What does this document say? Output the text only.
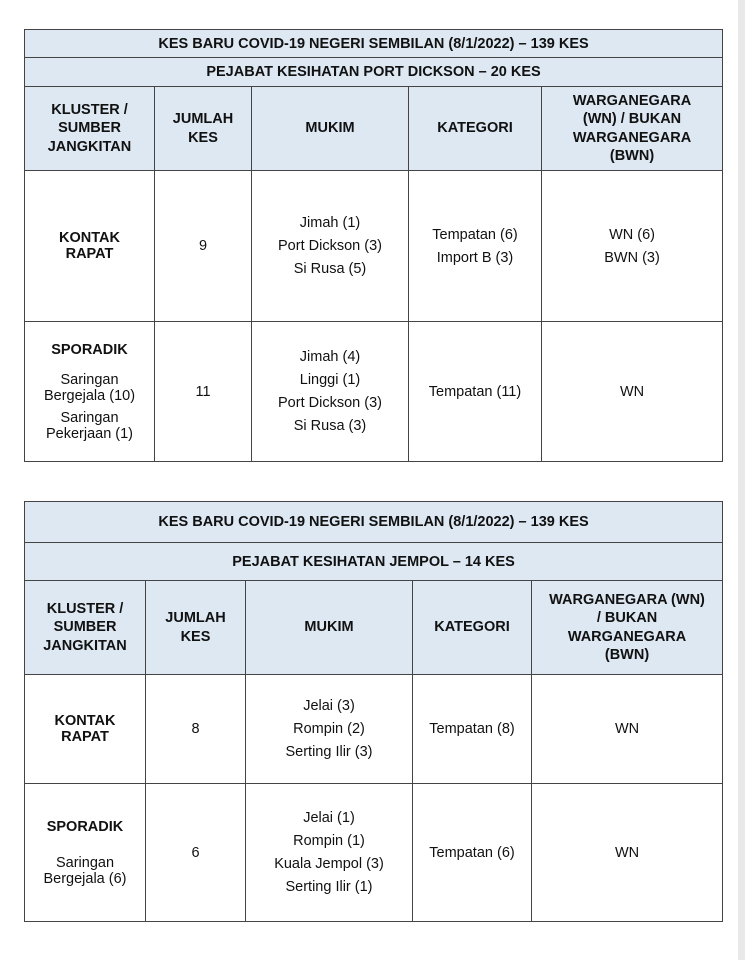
KES BARU COVID-19 NEGERI SEMBILAN (8/1/2022) – 139 KES				
PEJABAT KESIHATAN PORT DICKSON – 20 KES				

KLUSTER /
SUMBER
JANGKITAN	JUMLAH
KES	MUKIM	KATEGORI	WARGANEGARA
(WN) / BUKAN
WARGANEGARA
(BWN)

KONTAK
RAPAT	9	Jimah (1)
Port Dickson (3)
Si Rusa (5)	Tempatan (6)
Import B (3)	WN (6)
BWN (3)

SPORADIK
Saringan
Bergejala (10)
Saringan
Pekerjaan (1)	11	Jimah (4)
Linggi (1)
Port Dickson (3)
Si Rusa (3)	Tempatan (11)	WN
KES BARU COVID-19 NEGERI SEMBILAN (8/1/2022) – 139 KES				
PEJABAT KESIHATAN JEMPOL – 14 KES				

KLUSTER /
SUMBER
JANGKITAN	JUMLAH
KES	MUKIM	KATEGORI	WARGANEGARA (WN)
/ BUKAN
WARGANEGARA
(BWN)

KONTAK
RAPAT	8	Jelai (3)
Rompin (2)
Serting Ilir (3)	Tempatan (8)	WN

SPORADIK
Saringan
Bergejala (6)	6	Jelai (1)
Rompin (1)
Kuala Jempol (3)
Serting Ilir (1)	Tempatan (6)	WN
